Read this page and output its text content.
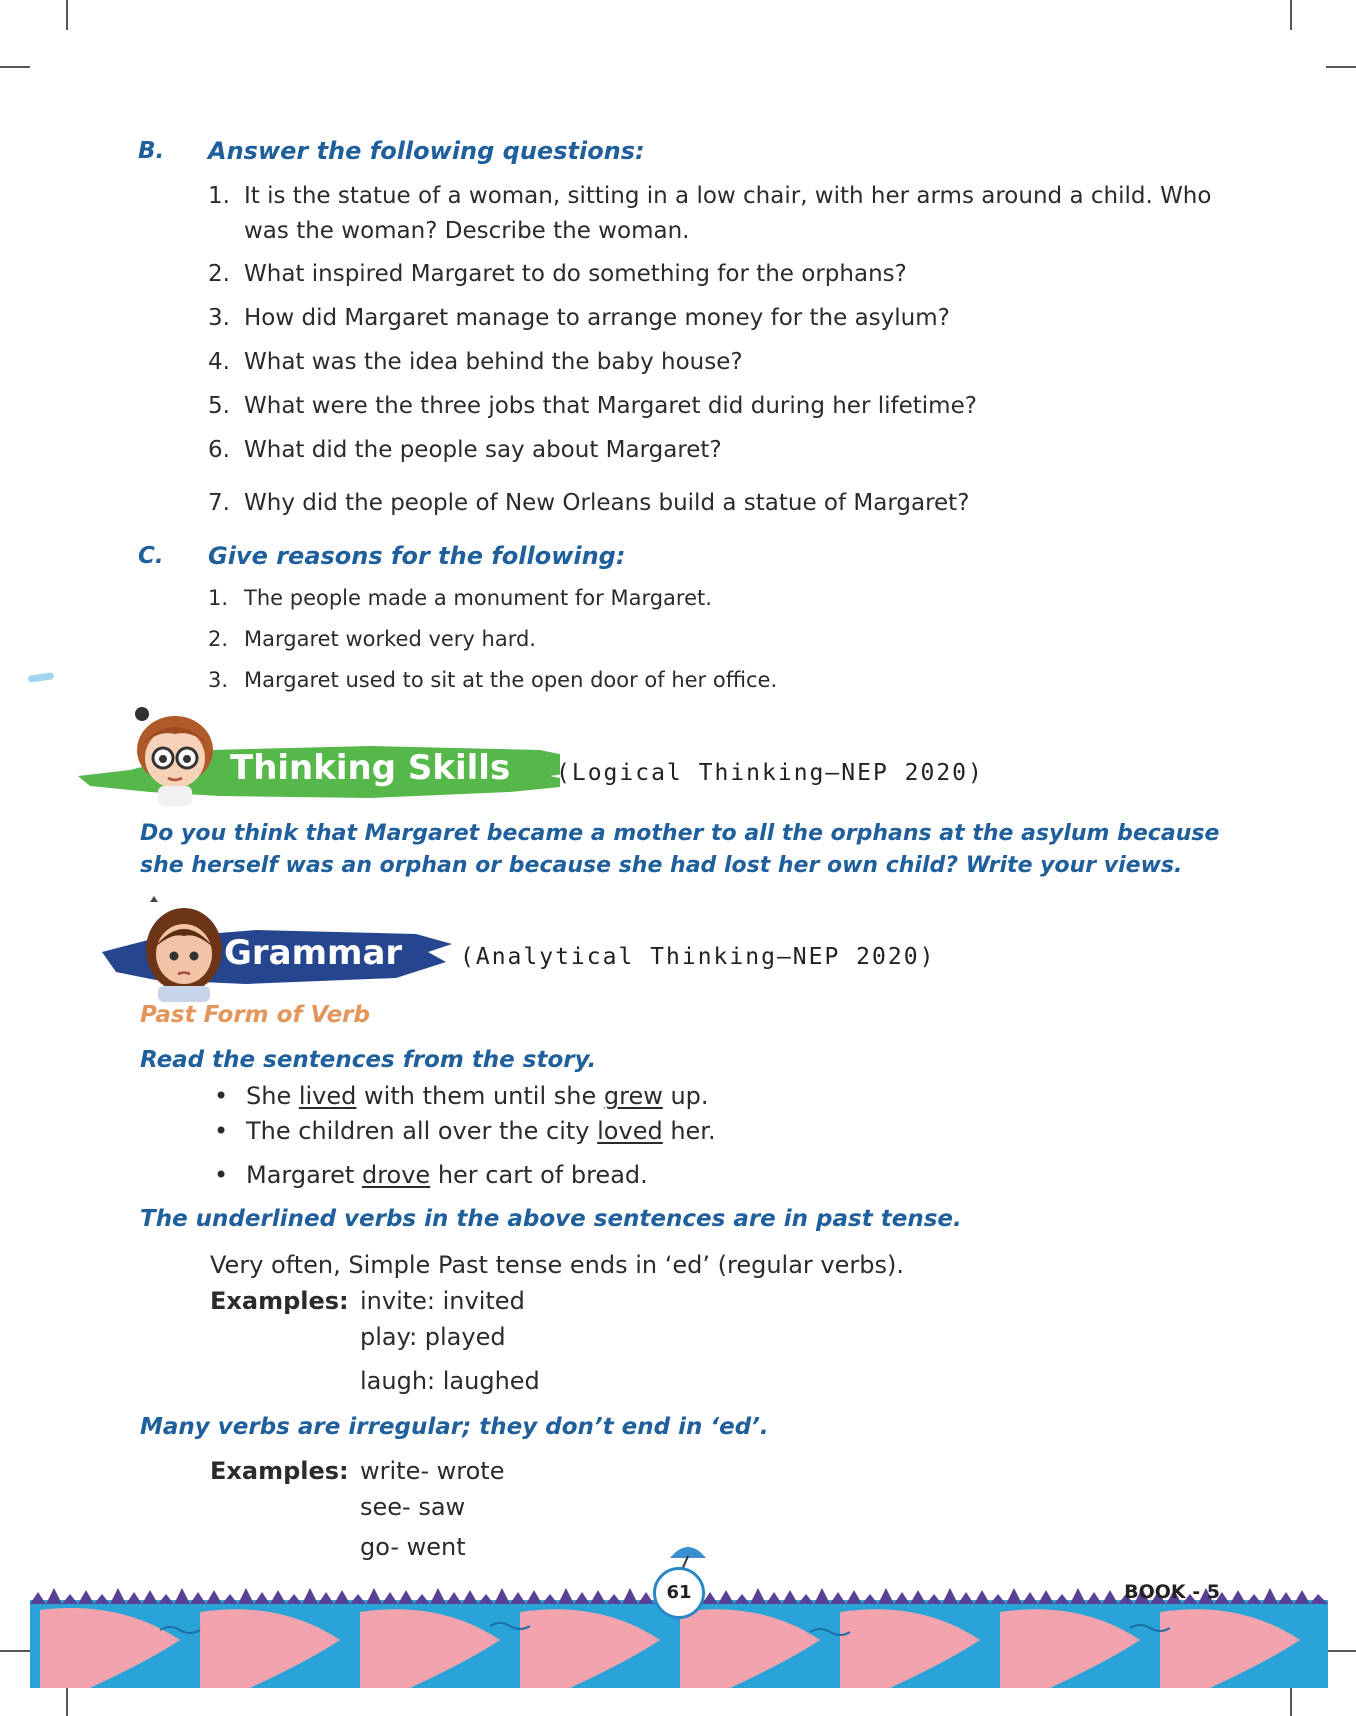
B. Answer the following questions:
1. It is the statue of a woman, sitting in a low chair, with her arms around a child. Who was the woman? Describe the woman.
2. What inspired Margaret to do something for the orphans?
3. How did Margaret manage to arrange money for the asylum?
4. What was the idea behind the baby house?
5. What were the three jobs that Margaret did during her lifetime?
6. What did the people say about Margaret?
7. Why did the people of New Orleans build a statue of Margaret?
C. Give reasons for the following:
1. The people made a monument for Margaret.
2. Margaret worked very hard.
3. Margaret used to sit at the open door of her office.
Thinking Skills (Logical Thinking—NEP 2020)
Do you think that Margaret became a mother to all the orphans at the asylum because she herself was an orphan or because she had lost her own child? Write your views.
Grammar	(Analytical Thinking—NEP 2020)
Past Form of Verb
Read the sentences from the story.
• She lived with them until she grew up.
• The children all over the city loved her.
• Margaret drove her cart of bread.
The underlined verbs in the above sentences are in past tense.
Very often, Simple Past tense ends in ‘ed’ (regular verbs).
Examples: invite: invited
play: played
laugh: laughed
Many verbs are irregular; they don’t end in ‘ed’.
Examples: write- wrote
see- saw
go- went
61	BOOK - 5
